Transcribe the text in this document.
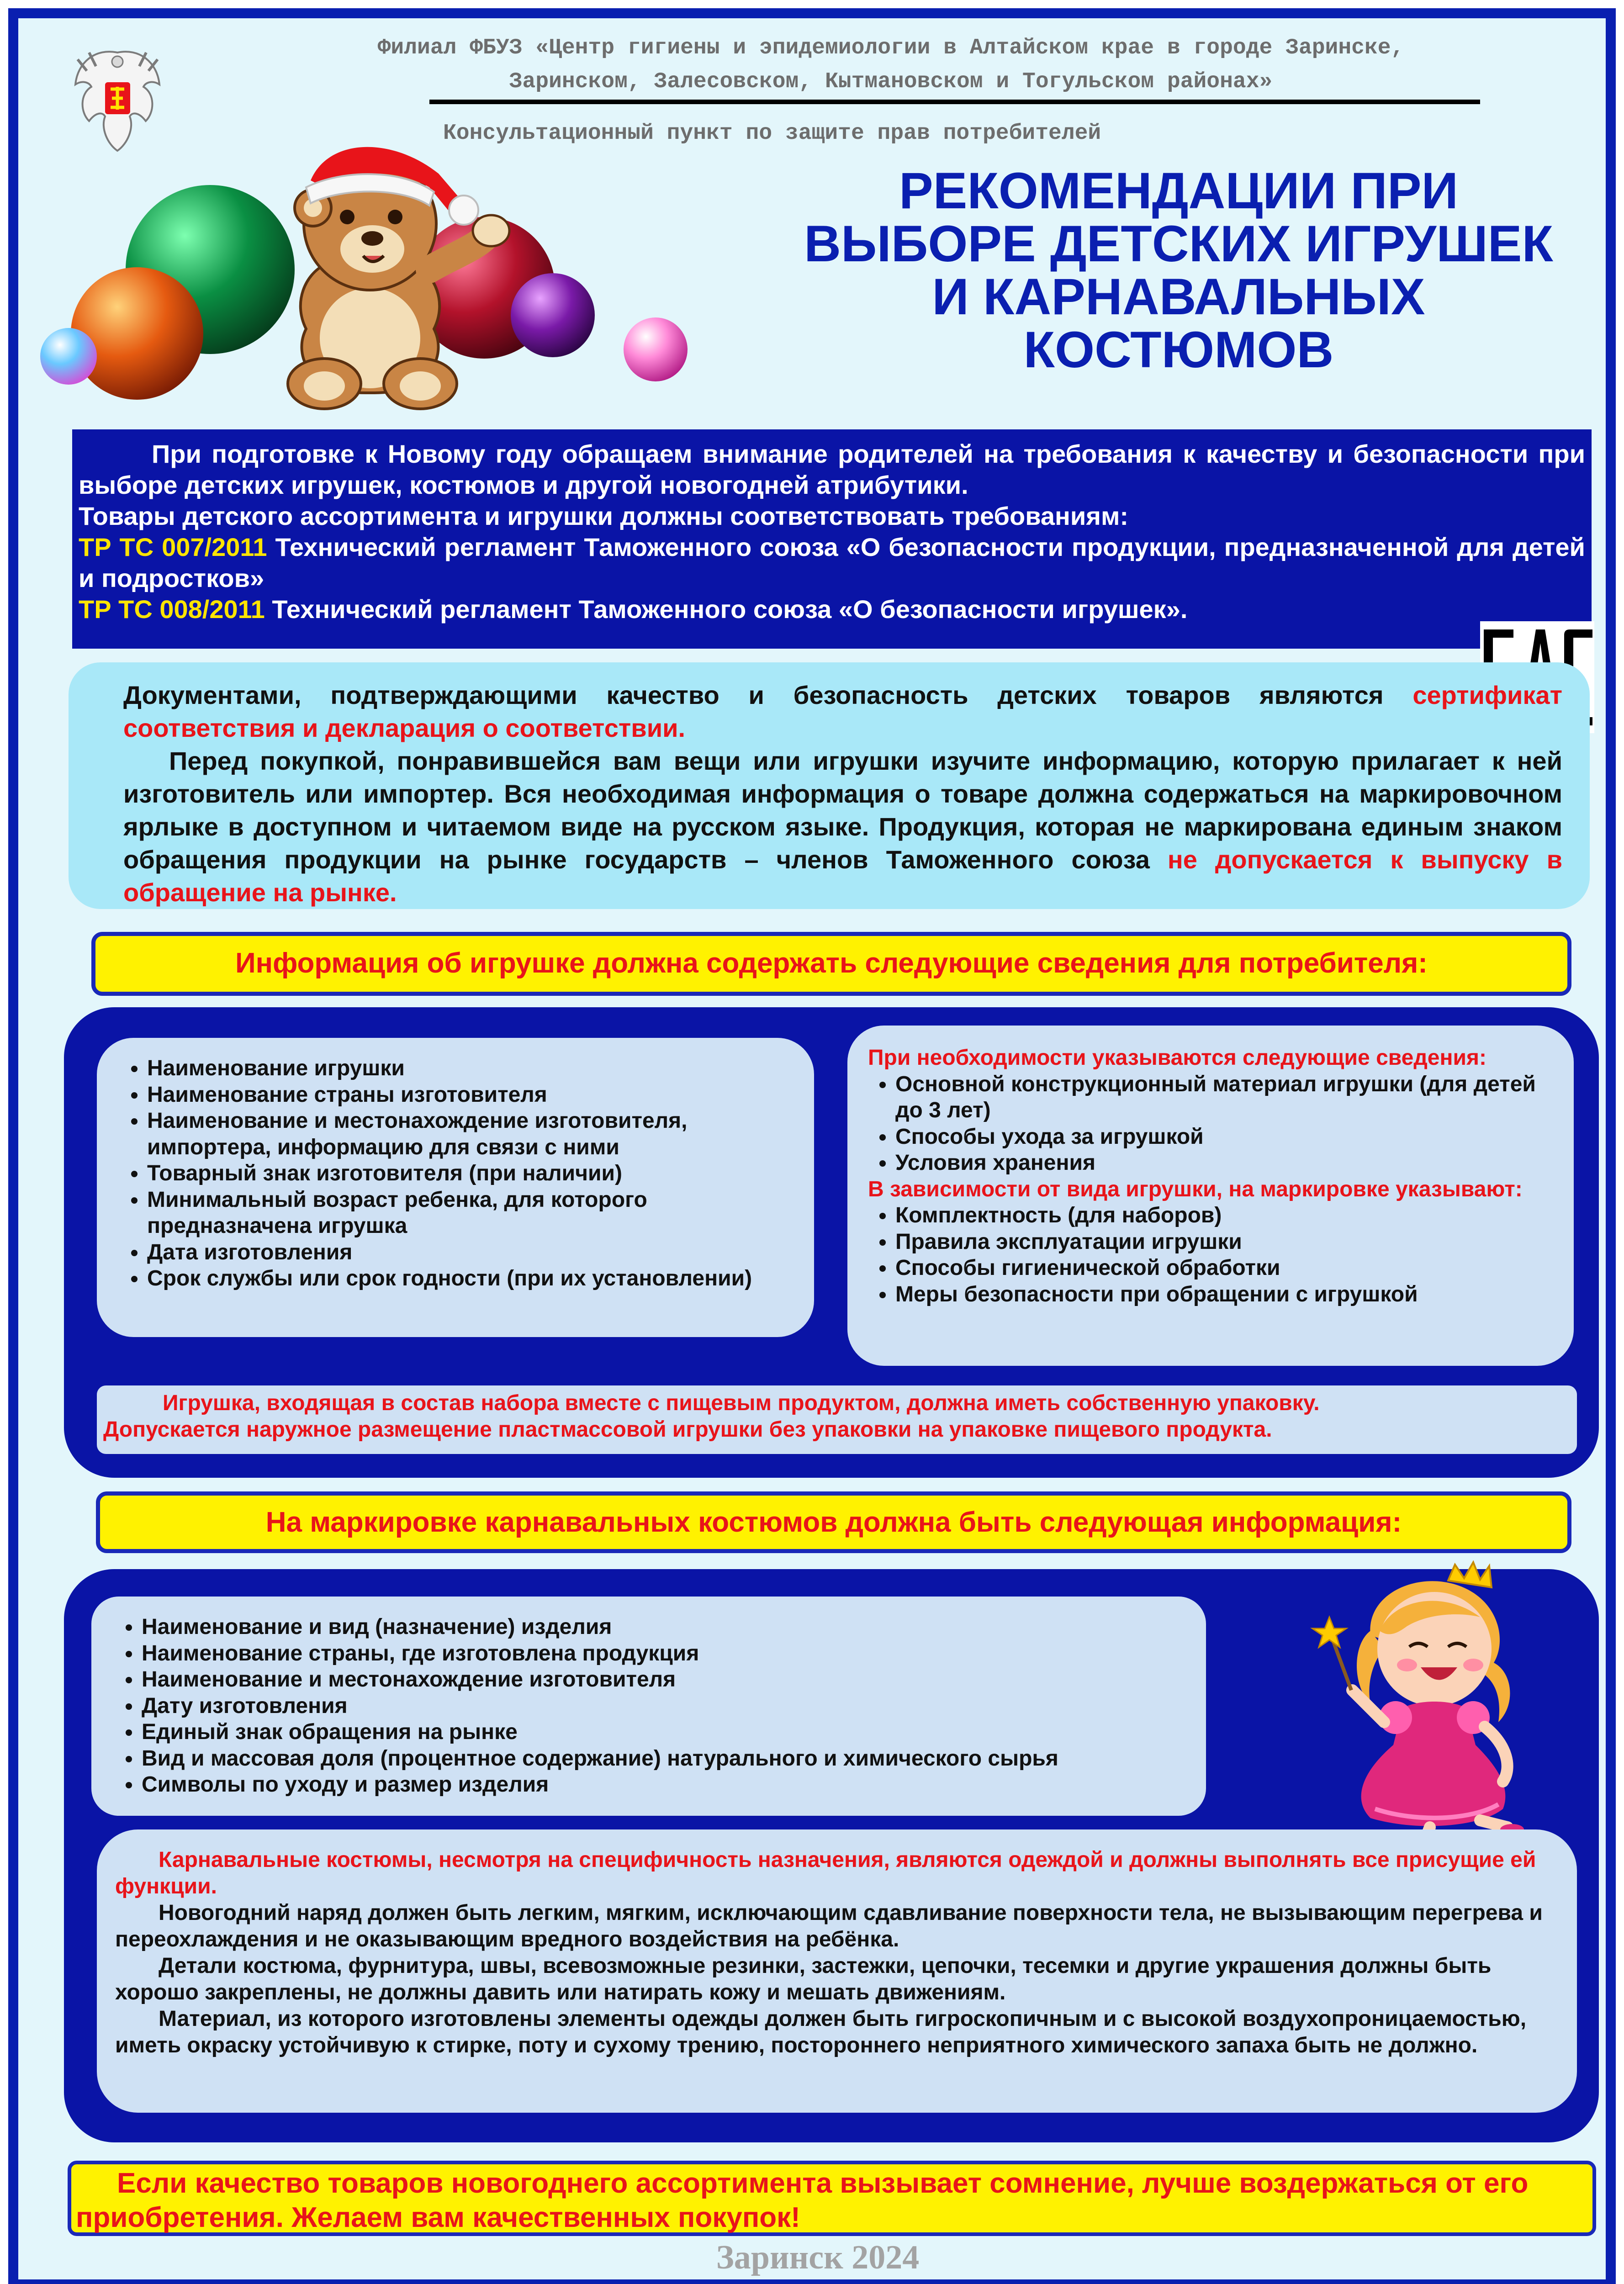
Филиал ФБУЗ «Центр гигиены и эпидемиологии в Алтайском крае в городе Заринске,
Заринском, Залесовском, Кытмановском и Тогульском районах»
Консультационный пункт по защите прав потребителей
РЕКОМЕНДАЦИИ ПРИ
ВЫБОРЕ ДЕТСКИХ ИГРУШЕК
И КАРНАВАЛЬНЫХ
КОСТЮМОВ
При подготовке к Новому году обращаем внимание родителей на требования к качеству и безопасности при выборе детских игрушек, костюмов и другой новогодней атрибутики.
Товары детского ассортимента и игрушки должны соответствовать требованиям:
ТР ТС 007/2011 Технический регламент Таможенного союза «О безопасности продукции, предназначенной для детей и подростков»
ТР ТС 008/2011 Технический регламент Таможенного союза «О безопасности игрушек».
Документами, подтверждающими качество и безопасность детских товаров являются сертификат соответствия и декларация о соответствии.
Перед покупкой, понравившейся вам вещи или игрушки изучите информацию, которую прилагает к ней изготовитель или импортер. Вся необходимая информация о товаре должна содержаться на маркировочном ярлыке в доступном и читаемом виде на русском языке. Продукция, которая не маркирована единым знаком обращения продукции на рынке государств – членов Таможенного союза не допускается к выпуску в обращение на рынке.
Информация об игрушке должна содержать следующие сведения для потребителя:
• Наименование игрушки
• Наименование страны изготовителя
• Наименование и местонахождение изготовителя, импортера, информацию для связи с ними
• Товарный знак изготовителя (при наличии)
• Минимальный возраст ребенка, для которого предназначена игрушка
• Дата изготовления
• Срок службы или срок годности (при их установлении)
При необходимости указываются следующие сведения:
• Основной конструкционный материал игрушки (для детей до 3 лет)
• Способы ухода за игрушкой
• Условия хранения
В зависимости от вида игрушки, на маркировке указывают:
• Комплектность (для наборов)
• Правила эксплуатации игрушки
• Способы гигиенической обработки
• Меры безопасности при обращении с игрушкой
Игрушка, входящая в состав набора вместе с пищевым продуктом, должна иметь собственную упаковку.
Допускается наружное размещение пластмассовой игрушки без упаковки на упаковке пищевого продукта.
На маркировке карнавальных костюмов должна быть следующая информация:
• Наименование и вид (назначение) изделия
• Наименование страны, где изготовлена продукция
• Наименование и местонахождение изготовителя
• Дату изготовления
• Единый знак обращения на рынке
• Вид и массовая доля (процентное содержание) натурального и химического сырья
• Символы по уходу и размер изделия
Карнавальные костюмы, несмотря на специфичность назначения, являются одеждой и должны выполнять все присущие ей функции.
Новогодний наряд должен быть легким, мягким, исключающим сдавливание поверхности тела, не вызывающим перегрева и переохлаждения и не оказывающим вредного воздействия на ребёнка.
Детали костюма, фурнитура, швы, всевозможные резинки, застежки, цепочки, тесемки и другие украшения должны быть хорошо закреплены, не должны давить или натирать кожу и мешать движениям.
Материал, из которого изготовлены элементы одежды должен быть гигроскопичным и с высокой воздухопроницаемостью, иметь окраску устойчивую к стирке, поту и сухому трению, постороннего неприятного химического запаха быть не должно.
Если качество товаров новогоднего ассортимента вызывает сомнение, лучше воздержаться от его приобретения. Желаем вам качественных покупок!
Заринск 2024
